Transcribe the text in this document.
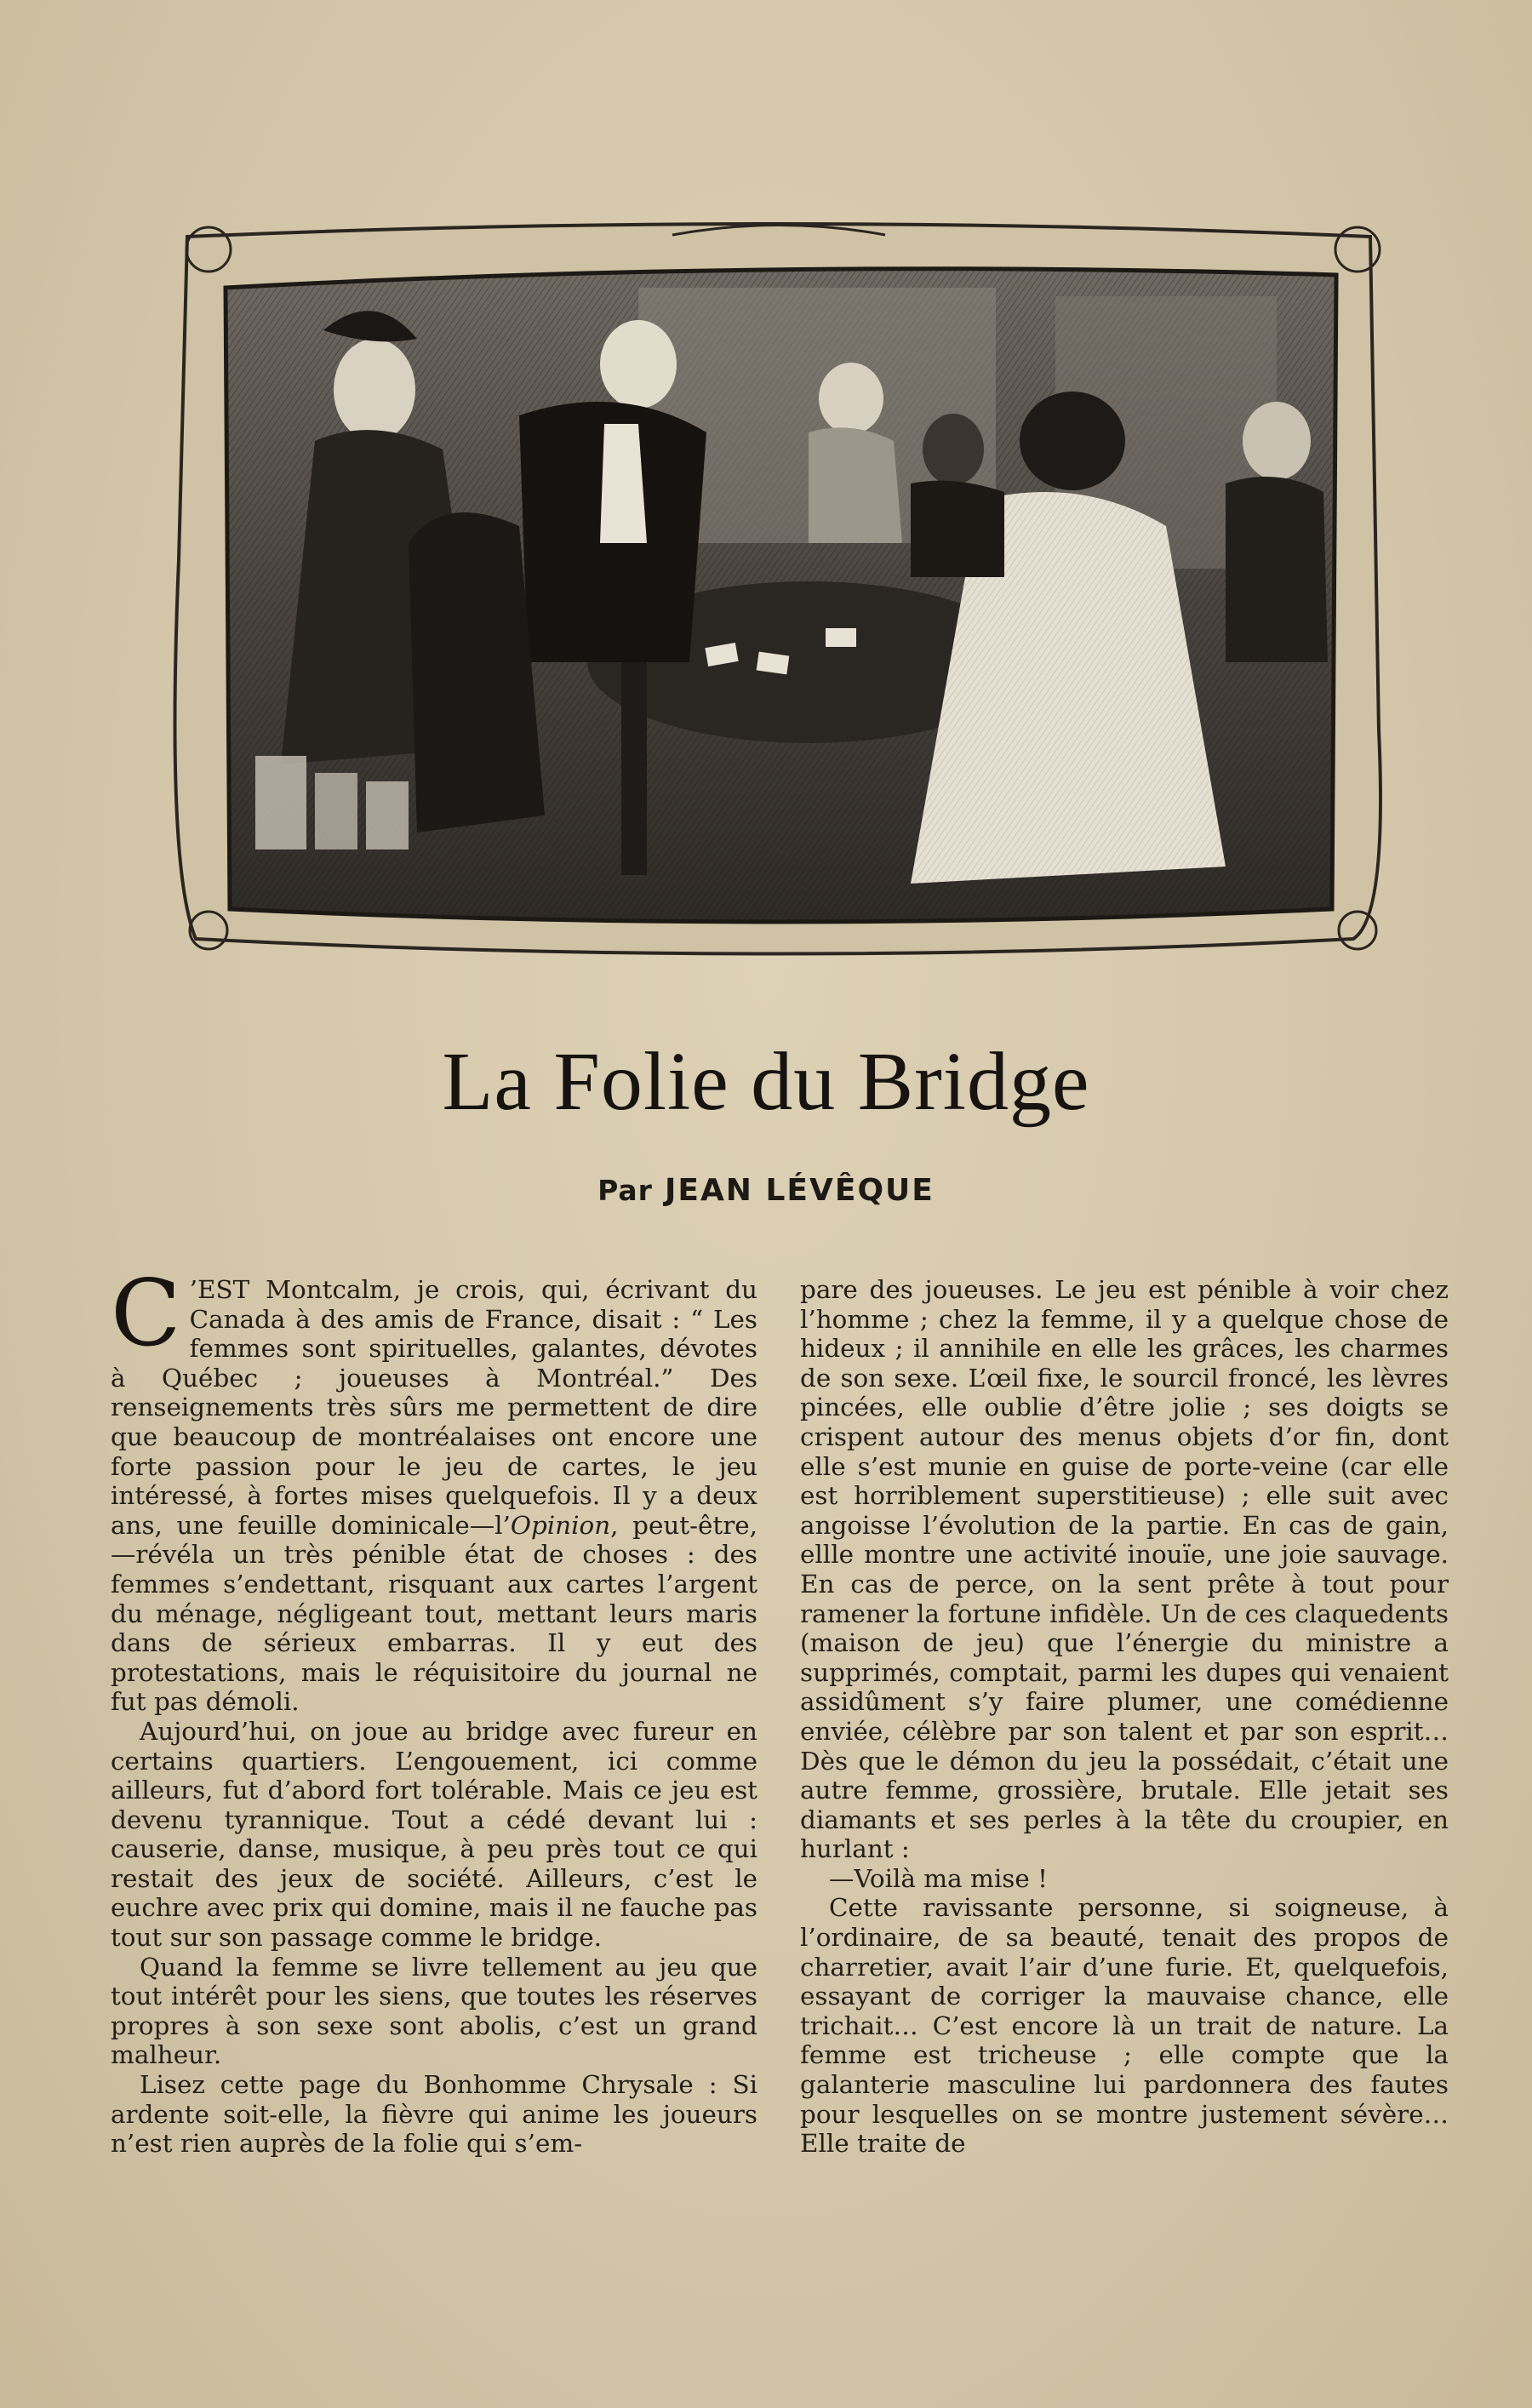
La Folie du Bridge
Par JEAN LÉVÊQUE

C ’EST Montcalm, je crois, qui, écrivant du Canada à des amis de France, disait : “ Les femmes sont spirituelles, galantes, dévotes à Québec ; joueuses à Montréal.” Des renseignements très sûrs me permettent de dire que beaucoup de montréalaises ont encore une forte passion pour le jeu de cartes, le jeu intéressé, à fortes mises quelquefois. Il y a deux ans, une feuille dominicale—l’Opinion, peut-être,—révéla un très pénible état de choses : des femmes s’endettant, risquant aux cartes l’argent du ménage, négligeant tout, mettant leurs maris dans de sérieux embarras. Il y eut des protestations, mais le réquisitoire du journal ne fut pas démoli.

Aujourd’hui, on joue au bridge avec fureur en certains quartiers. L’engouement, ici comme ailleurs, fut d’abord fort tolérable. Mais ce jeu est devenu tyrannique. Tout a cédé devant lui : causerie, danse, musique, à peu près tout ce qui restait des jeux de société. Ailleurs, c’est le euchre avec prix qui domine, mais il ne fauche pas tout sur son passage comme le bridge.

Quand la femme se livre tellement au jeu que tout intérêt pour les siens, que toutes les réserves propres à son sexe sont abolis, c’est un grand malheur.

Lisez cette page du Bonhomme Chrysale : Si ardente soit-elle, la fièvre qui anime les joueurs n’est rien auprès de la folie qui s’em-

pare des joueuses. Le jeu est pénible à voir chez l’homme ; chez la femme, il y a quelque chose de hideux ; il annihile en elle les grâces, les charmes de son sexe. L’œil fixe, le sourcil froncé, les lèvres pincées, elle oublie d’être jolie ; ses doigts se crispent autour des menus objets d’or fin, dont elle s’est munie en guise de porte-veine (car elle est horriblement superstitieuse) ; elle suit avec angoisse l’évolution de la partie. En cas de gain, ellle montre une activité inouïe, une joie sauvage. En cas de perce, on la sent prête à tout pour ramener la fortune infidèle. Un de ces claquedents (maison de jeu) que l’énergie du ministre a supprimés, comptait, parmi les dupes qui venaient assidûment s’y faire plumer, une comédienne enviée, célèbre par son talent et par son esprit… Dès que le démon du jeu la possédait, c’était une autre femme, grossière, brutale. Elle jetait ses diamants et ses perles à la tête du croupier, en hurlant :

—Voilà ma mise !

Cette ravissante personne, si soigneuse, à l’ordinaire, de sa beauté, tenait des propos de charretier, avait l’air d’une furie. Et, quelquefois, essayant de corriger la mauvaise chance, elle trichait… C’est encore là un trait de nature. La femme est tricheuse ; elle compte que la galanterie masculine lui pardonnera des fautes pour lesquelles on se montre justement sévère… Elle traite de
